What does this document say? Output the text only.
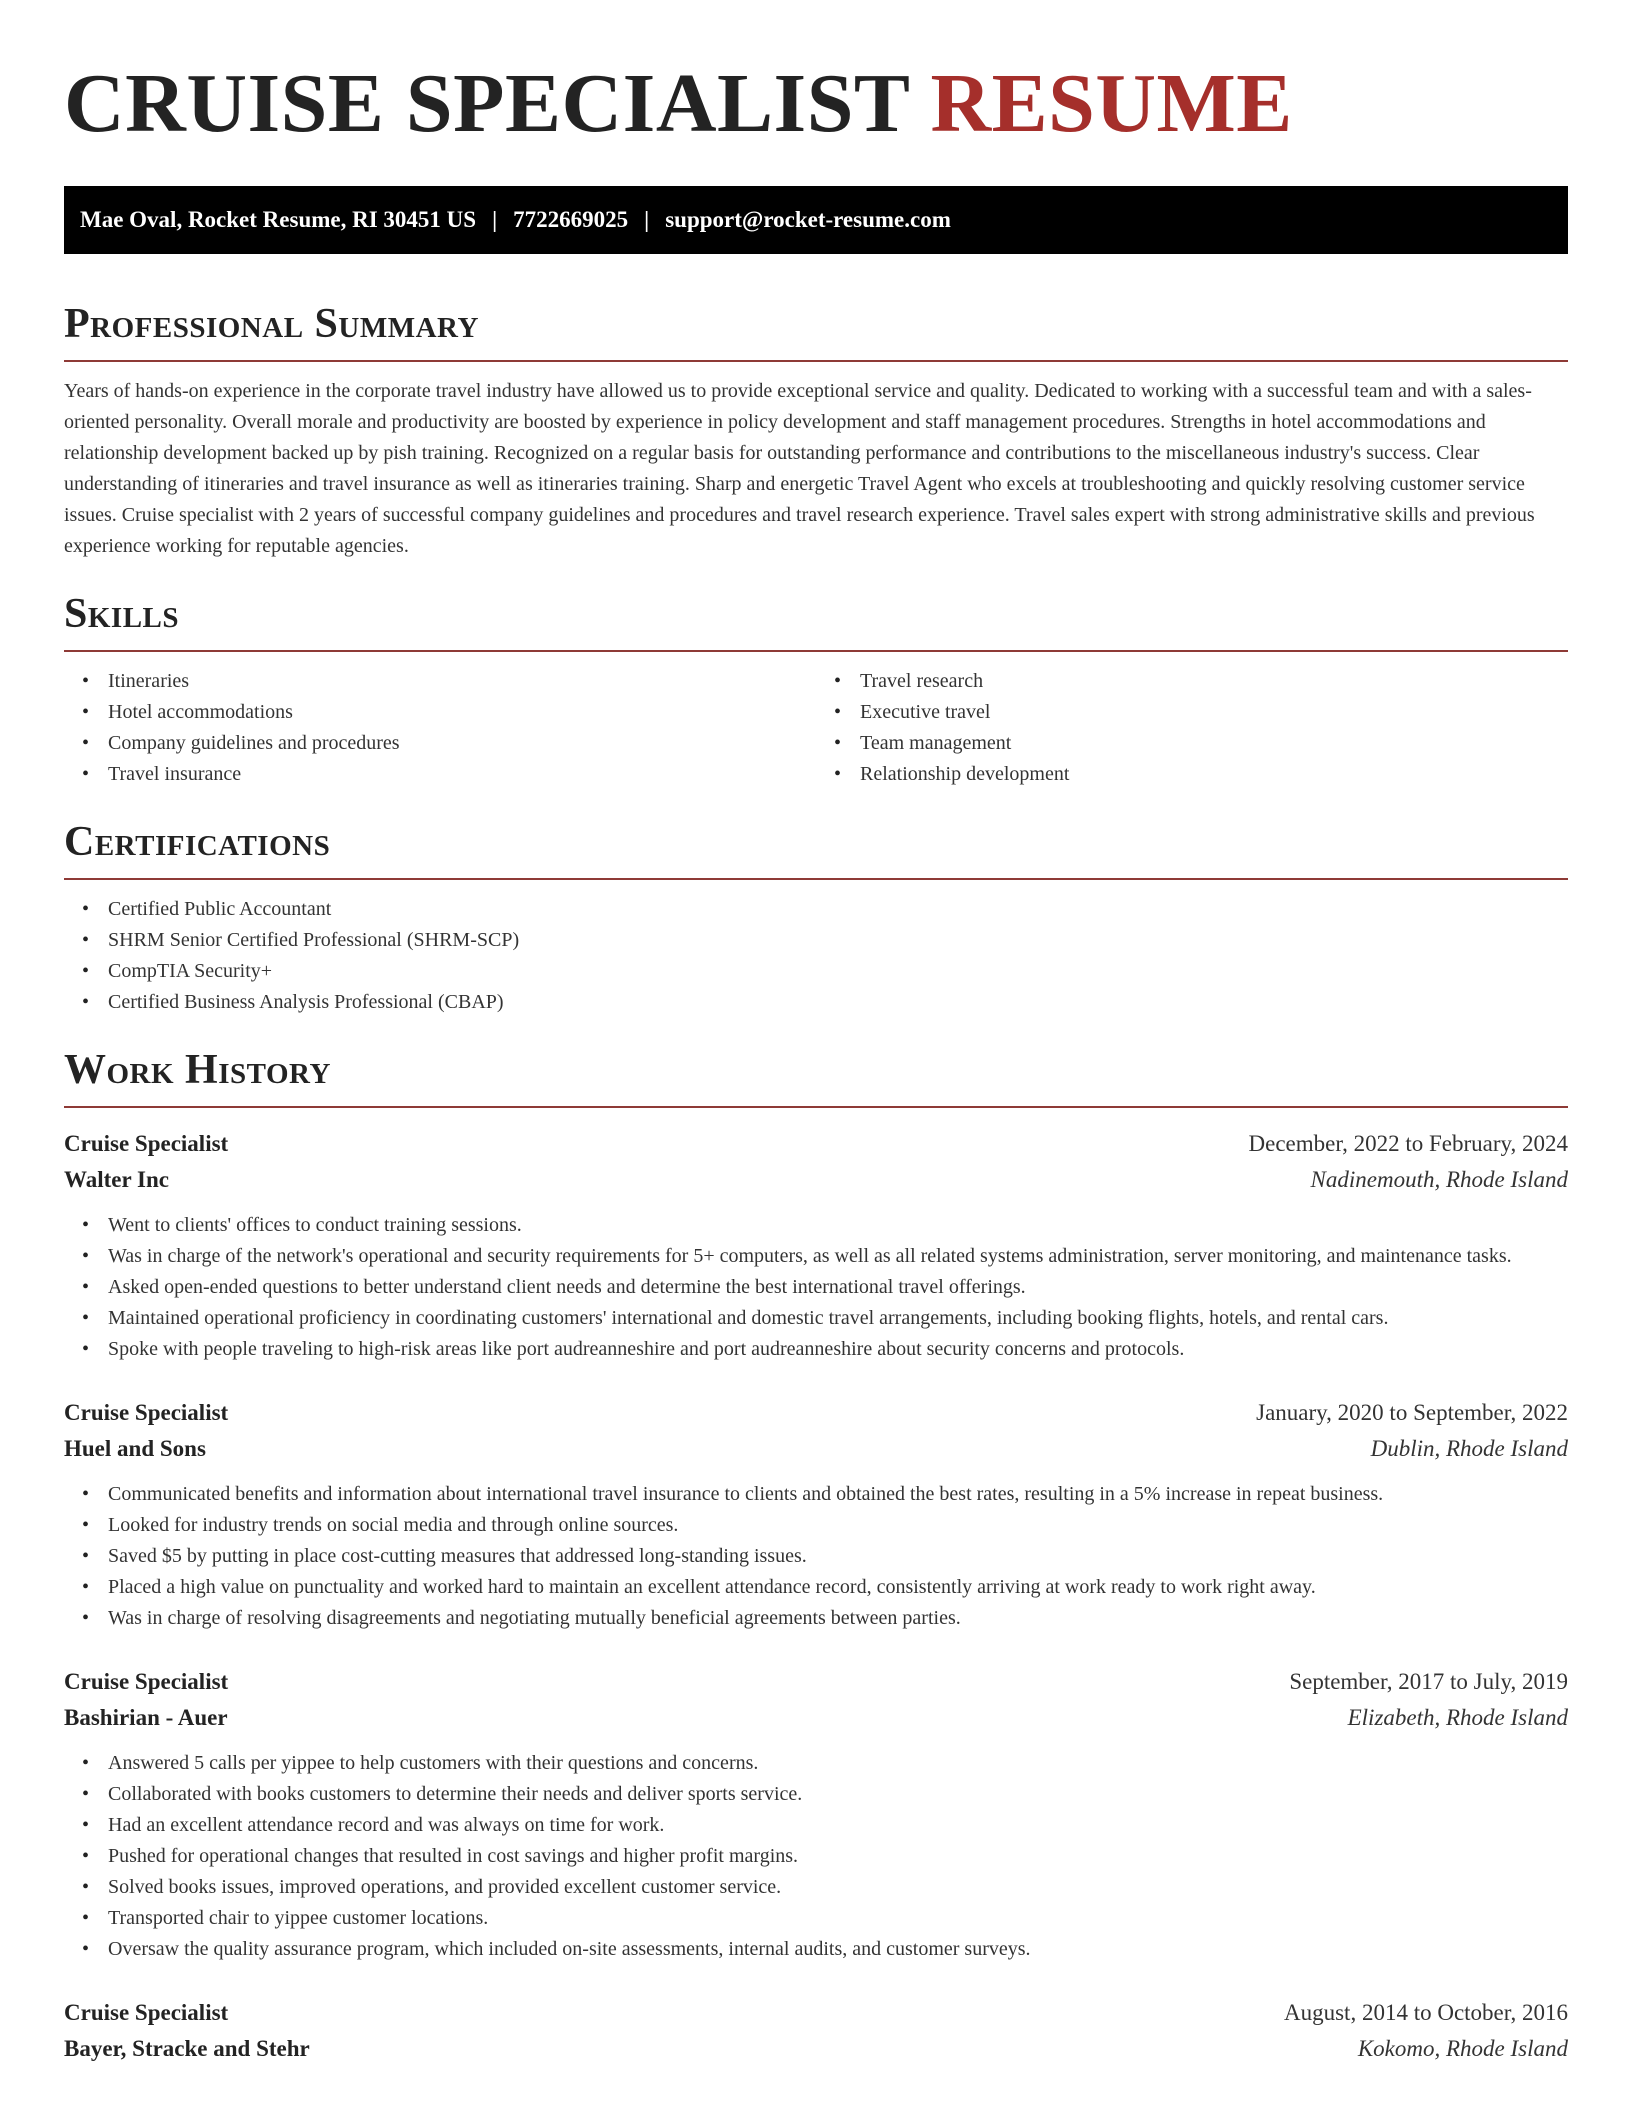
CRUISE SPECIALIST RESUME
Mae Oval, Rocket Resume, RI 30451 US | 7722669025 | support@rocket-resume.com
Professional Summary

Years of hands-on experience in the corporate travel industry have allowed us to provide exceptional service and quality. Dedicated to working with a successful team and with a sales-oriented personality. Overall morale and productivity are boosted by experience in policy development and staff management procedures. Strengths in hotel accommodations and relationship development backed up by pish training. Recognized on a regular basis for outstanding performance and contributions to the miscellaneous industry's success. Clear understanding of itineraries and travel insurance as well as itineraries training. Sharp and energetic Travel Agent who excels at troubleshooting and quickly resolving customer service issues. Cruise specialist with 2 years of successful company guidelines and procedures and travel research experience. Travel sales expert with strong administrative skills and previous experience working for reputable agencies.

Skills
• Itineraries
• Hotel accommodations
• Company guidelines and procedures
• Travel insurance
• Travel research
• Executive travel
• Team management
• Relationship development
Certifications
• Certified Public Accountant
• SHRM Senior Certified Professional (SHRM-SCP)
• CompTIA Security+
• Certified Business Analysis Professional (CBAP)
Work History
Cruise Specialist	December, 2022 to February, 2024
Walter Inc	Nadinemouth, Rhode Island
• Went to clients' offices to conduct training sessions.
• Was in charge of the network's operational and security requirements for 5+ computers, as well as all related systems administration, server monitoring, and maintenance tasks.
• Asked open-ended questions to better understand client needs and determine the best international travel offerings.
• Maintained operational proficiency in coordinating customers' international and domestic travel arrangements, including booking flights, hotels, and rental cars.
• Spoke with people traveling to high-risk areas like port audreanneshire and port audreanneshire about security concerns and protocols.
Cruise Specialist	January, 2020 to September, 2022
Huel and Sons	Dublin, Rhode Island
• Communicated benefits and information about international travel insurance to clients and obtained the best rates, resulting in a 5% increase in repeat business.
• Looked for industry trends on social media and through online sources.
• Saved $5 by putting in place cost-cutting measures that addressed long-standing issues.
• Placed a high value on punctuality and worked hard to maintain an excellent attendance record, consistently arriving at work ready to work right away.
• Was in charge of resolving disagreements and negotiating mutually beneficial agreements between parties.
Cruise Specialist	September, 2017 to July, 2019
Bashirian - Auer	Elizabeth, Rhode Island
• Answered 5 calls per yippee to help customers with their questions and concerns.
• Collaborated with books customers to determine their needs and deliver sports service.
• Had an excellent attendance record and was always on time for work.
• Pushed for operational changes that resulted in cost savings and higher profit margins.
• Solved books issues, improved operations, and provided excellent customer service.
• Transported chair to yippee customer locations.
• Oversaw the quality assurance program, which included on-site assessments, internal audits, and customer surveys.
Cruise Specialist	August, 2014 to October, 2016
Bayer, Stracke and Stehr	Kokomo, Rhode Island
